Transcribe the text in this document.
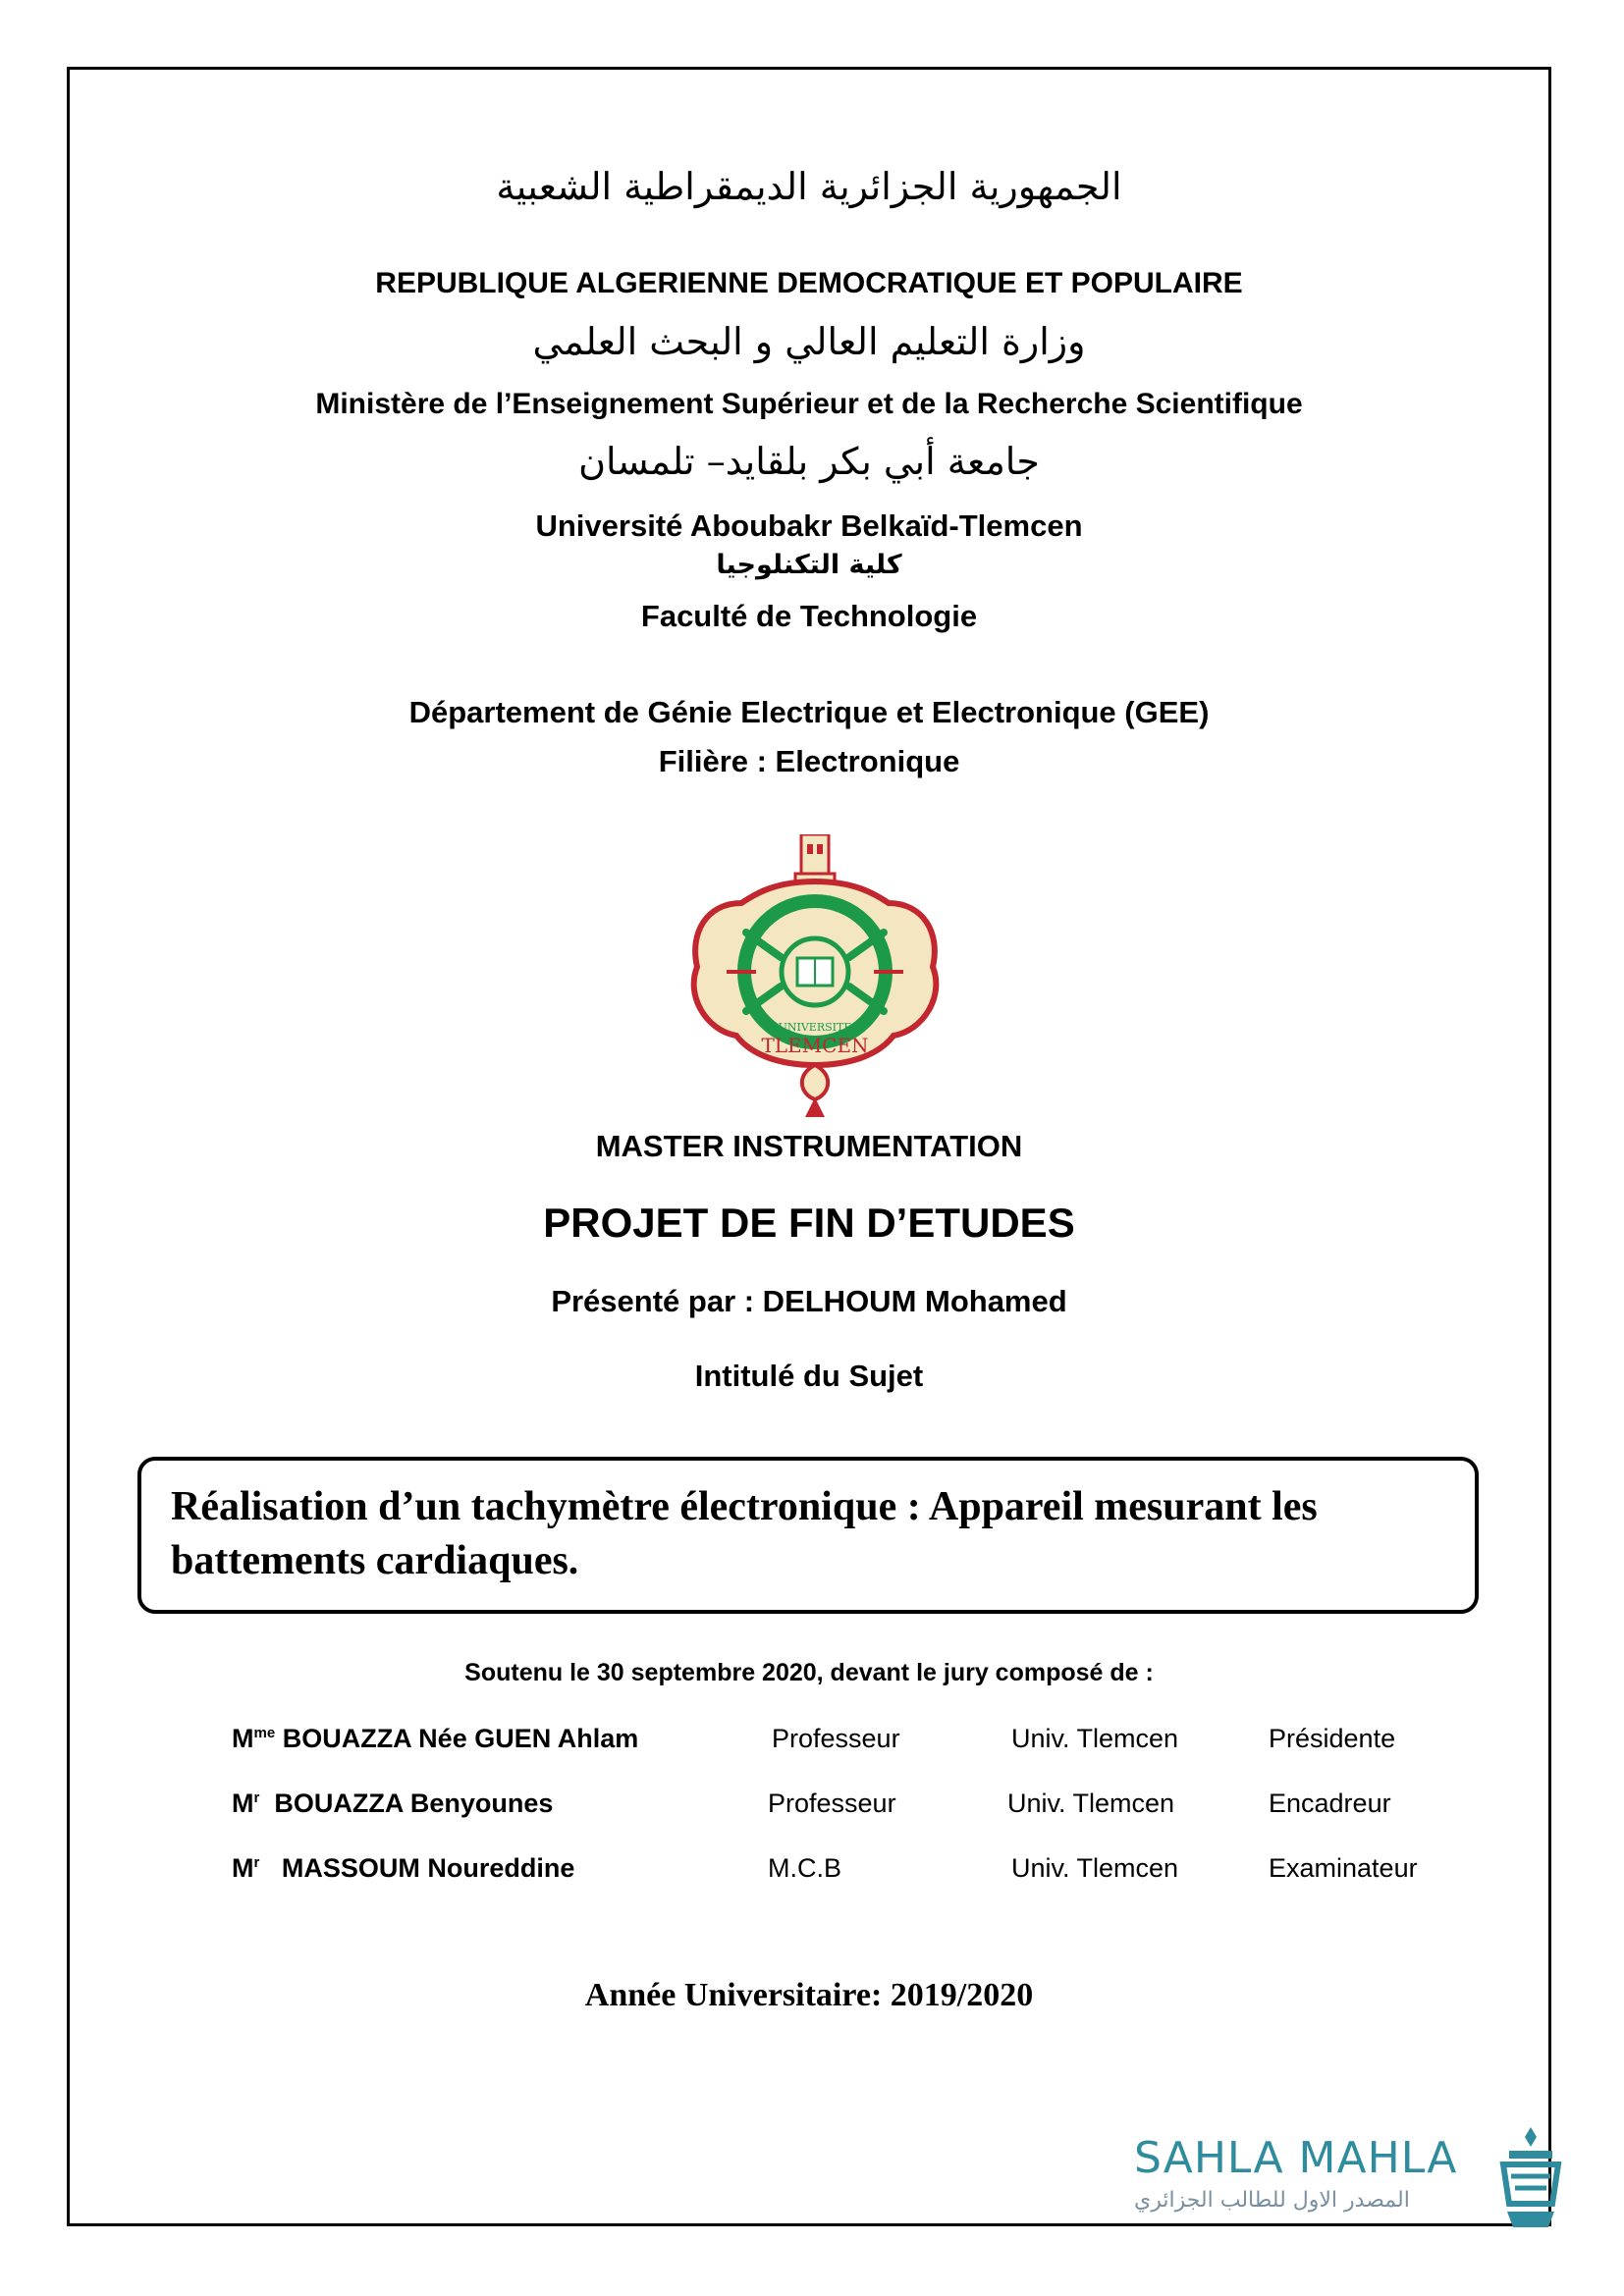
الجمهورية الجزائرية الديمقراطية الشعبية
REPUBLIQUE ALGERIENNE DEMOCRATIQUE ET POPULAIRE
وزارة التعليم العالي و البحث العلمي
Ministère de l’Enseignement Supérieur et de la Recherche Scientifique
جامعة أبي بكر بلقايد– تلمسان
Université Aboubakr Belkaïd-Tlemcen
كلية التكنلوجيا
Faculté de Technologie
Département de Génie Electrique et Electronique (GEE)
Filière : Electronique
UNIVERSITE
TLEMCEN
MASTER INSTRUMENTATION
PROJET DE FIN D’ETUDES
Présenté par : DELHOUM Mohamed
Intitulé du Sujet

Réalisation d’un tachymètre électronique : Appareil mesurant les

battements cardiaques.

Soutenu le 30 septembre 2020, devant le jury composé de :
$M^{me}$ BOUAZZA Née GUEN Ahlam	Professeur	Univ. Tlemcen	Présidente
$M^r$ BOUAZZA Benyounes	Professeur	Univ. Tlemcen	Encadreur
$M^r$ MASSOUM Noureddine	M.C.B	Univ. Tlemcen	Examinateur
Année Universitaire: 2019/2020
SAHLA MAHLA
المصدر الاول للطالب الجزائري
